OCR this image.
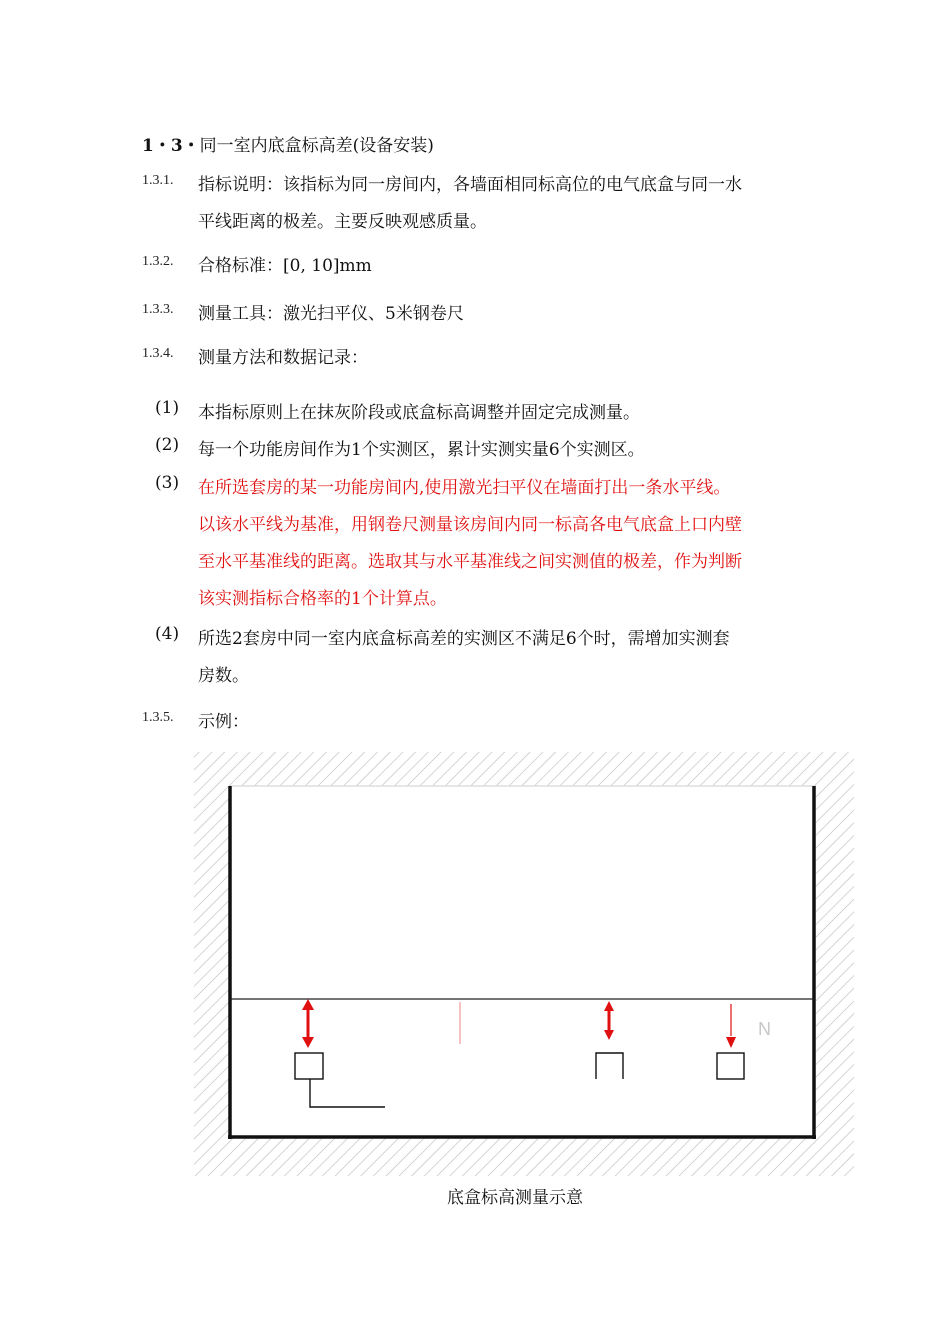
1・3・同一室内底盒标高差(设备安装)
1.3.1. 指标说明：该指标为同一房间内，各墙面相同标高位的电气底盒与同一水
平线距离的极差。主要反映观感质量。
1.3.2. 合格标准：[0, 10]mm
1.3.3. 测量工具：激光扫平仪、5米钢卷尺
1.3.4. 测量方法和数据记录：
(1) 本指标原则上在抹灰阶段或底盒标高调整并固定完成测量。
(2) 每一个功能房间作为1个实测区，累计实测实量6个实测区。
(3) 在所选套房的某一功能房间内,使用激光扫平仪在墙面打出一条水平线。
以该水平线为基准，用钢卷尺测量该房间内同一标高各电气底盒上口内壁
至水平基准线的距离。选取其与水平基准线之间实测值的极差，作为判断
该实测指标合格率的1个计算点。
(4) 所选2套房中同一室内底盒标高差的实测区不满足6个时，需增加实测套
房数。
1.3.5. 示例：
N
底盒标高测量示意
